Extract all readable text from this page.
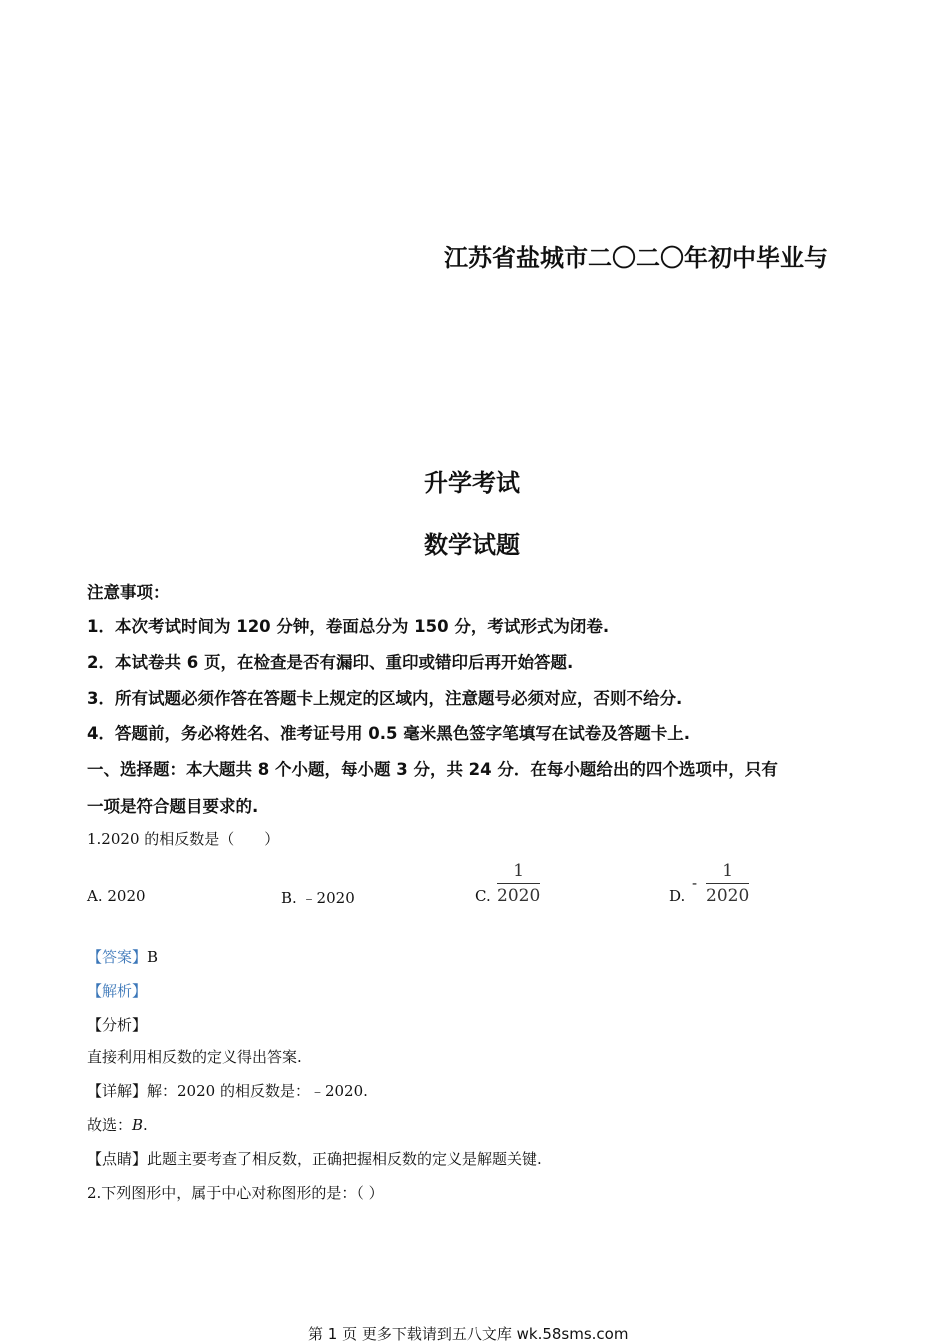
江苏省盐城市二〇二〇年初中毕业与
升学考试
数学试题
注意事项：
1．本次考试时间为 120 分钟，卷面总分为 150 分，考试形式为闭卷.
2．本试卷共 6 页，在检查是否有漏印、重印或错印后再开始答题.
3．所有试题必须作答在答题卡上规定的区域内，注意题号必须对应，否则不给分.
4．答题前，务必将姓名、准考证号用 0.5 毫米黑色签字笔填写在试卷及答题卡上.
一、选择题：本大题共 8 个小题，每小题 3 分，共 24 分．在每小题给出的四个选项中，只有
一项是符合题目要求的.
1.2020 的相反数是（　　）
A. 2020	B. ﹣2020	C. $\frac{1}{2020}$	D.
- $\frac{1}{2020}$
【答案】B
【解析】
【分析】
直接利用相反数的定义得出答案.
【详解】解：2020 的相反数是：﹣2020.
故选：B.
【点睛】此题主要考查了相反数，正确把握相反数的定义是解题关键.
2.下列图形中，属于中心对称图形的是：（ ）
第 1 页 更多下载请到五八文库 wk.58sms.com
